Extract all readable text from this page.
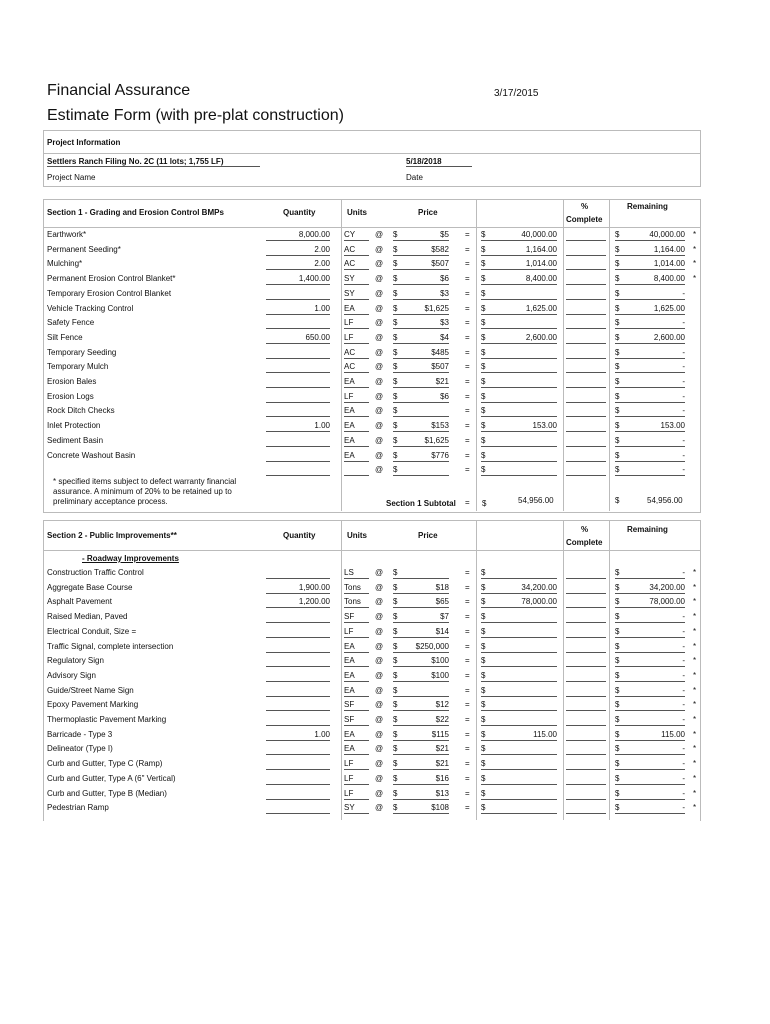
Financial Assurance
Estimate Form (with pre-plat construction)
3/17/2015
Project Information
Settlers Ranch Filing No. 2C (11 lots; 1,755 LF)
Project Name
5/18/2018
Date
Section 1 - Grading and Erosion Control BMPs	Quantity	Units	Price
%
Complete
Remaining
Earthwork*	8,000.00 CY	@ $	$5 = $	40,000.00	$	40,000.00 *
Permanent Seeding*	2.00 AC	@ $	$582 = $	1,164.00	$	1,164.00 *
Mulching*	2.00 AC	@ $	$507 = $	1,014.00	$	1,014.00 *
Permanent Erosion Control Blanket*	1,400.00 SY	@ $	$6 = $	8,400.00	$	8,400.00 *
Temporary Erosion Control Blanket	SY	@ $	$3 = $	$	-
Vehicle Tracking Control	1.00 EA	@ $	$1,625 = $	1,625.00	$	1,625.00
Safety Fence	LF	@ $	$3 = $	$	-
Silt Fence	650.00 LF	@ $	$4 = $	2,600.00	$	2,600.00
Temporary Seeding	AC	@ $	$485 = $	$	-
Temporary Mulch	AC	@ $	$507 = $	$	-
Erosion Bales	EA	@ $	$21 = $	$	-
Erosion Logs	LF	@ $	$6 = $	$	-
Rock Ditch Checks	EA	@ $	= $	$	-
Inlet Protection	1.00 EA	@ $	$153 = $	153.00	$	153.00
Sediment Basin	EA	@ $	$1,625 = $	$	-
Concrete Washout Basin	EA	@ $	$776 = $	$	-
@ $	= $	$	-
* specified items subject to defect warranty financial assurance. A minimum of 20% to be retained up to preliminary acceptance process.	Section 1 Subtotal = $	54,956.00	$	54,956.00
Section 2 - Public Improvements**	Quantity	Units	Price
%
Complete
Remaining
- Roadway Improvements
Construction Traffic Control	LS	@ $	= $	$	- *
Aggregate Base Course	1,900.00 Tons	@ $	$18 = $	34,200.00	$	34,200.00 *
Asphalt Pavement	1,200.00 Tons	@ $	$65 = $	78,000.00	$	78,000.00 *
Raised Median, Paved	SF	@ $	$7 = $	$	- *
Electrical Conduit, Size =	LF	@ $	$14 = $	$	- *
Traffic Signal, complete intersection	EA	@ $	$250,000 = $	$	- *
Regulatory Sign	EA	@ $	$100 = $	$	- *
Advisory Sign	EA	@ $	$100 = $	$	- *
Guide/Street Name Sign	EA	@ $	= $	$	- *
Epoxy Pavement Marking	SF	@ $	$12 = $	$	- *
Thermoplastic Pavement Marking	SF	@ $	$22 = $	$	- *
Barricade - Type 3	1.00 EA	@ $	$115 = $	115.00	$	115.00 *
Delineator (Type I)	EA	@ $	$21 = $	$	- *
Curb and Gutter, Type C (Ramp)	LF	@ $	$21 = $	$	- *
Curb and Gutter, Type A (6" Vertical)	LF	@ $	$16 = $	$	- *
Curb and Gutter, Type B (Median)	LF	@ $	$13 = $	$	- *
Pedestrian Ramp	SY	@ $	$108 = $	$	- *
